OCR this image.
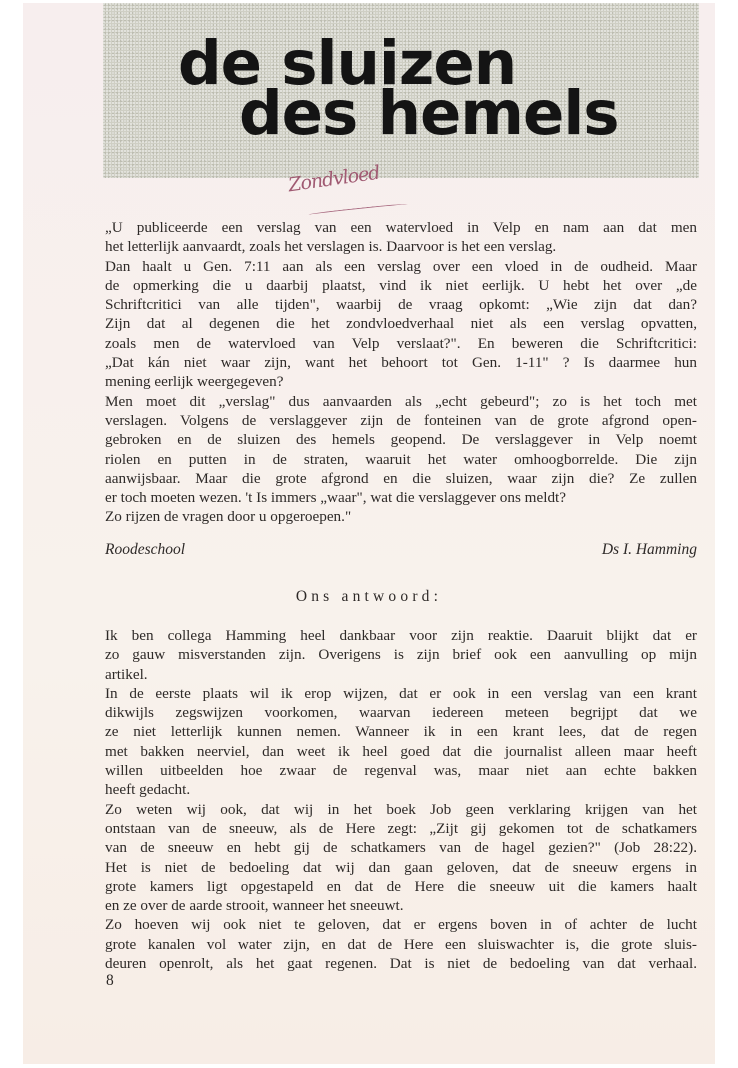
de sluizen
des hemels
Zondvloed
„U publiceerde een verslag van een watervloed in Velp en nam aan dat men
het letterlijk aanvaardt, zoals het verslagen is. Daarvoor is het een verslag.
Dan haalt u Gen. 7:11 aan als een verslag over een vloed in de oudheid. Maar
de opmerking die u daarbij plaatst, vind ik niet eerlijk. U hebt het over „de
Schriftcritici van alle tijden", waarbij de vraag opkomt: „Wie zijn dat dan?
Zijn dat al degenen die het zondvloedverhaal niet als een verslag opvatten,
zoals men de watervloed van Velp verslaat?". En beweren die Schriftcritici:
„Dat kán niet waar zijn, want het behoort tot Gen. 1-11" ? Is daarmee hun
mening eerlijk weergegeven?
Men moet dit „verslag" dus aanvaarden als „echt gebeurd"; zo is het toch met
verslagen. Volgens de verslaggever zijn de fonteinen van de grote afgrond open-
gebroken en de sluizen des hemels geopend. De verslaggever in Velp noemt
riolen en putten in de straten, waaruit het water omhoogborrelde. Die zijn
aanwijsbaar. Maar die grote afgrond en die sluizen, waar zijn die? Ze zullen
er toch moeten wezen. 't Is immers „waar", wat die verslaggever ons meldt?
Zo rijzen de vragen door u opgeroepen."
Roodeschool	Ds I. Hamming
Ons antwoord:
Ik ben collega Hamming heel dankbaar voor zijn reaktie. Daaruit blijkt dat er
zo gauw misverstanden zijn. Overigens is zijn brief ook een aanvulling op mijn
artikel.
In de eerste plaats wil ik erop wijzen, dat er ook in een verslag van een krant
dikwijls zegswijzen voorkomen, waarvan iedereen meteen begrijpt dat we
ze niet letterlijk kunnen nemen. Wanneer ik in een krant lees, dat de regen
met bakken neerviel, dan weet ik heel goed dat die journalist alleen maar heeft
willen uitbeelden hoe zwaar de regenval was, maar niet aan echte bakken
heeft gedacht.
Zo weten wij ook, dat wij in het boek Job geen verklaring krijgen van het
ontstaan van de sneeuw, als de Here zegt: „Zijt gij gekomen tot de schatkamers
van de sneeuw en hebt gij de schatkamers van de hagel gezien?" (Job 28:22).
Het is niet de bedoeling dat wij dan gaan geloven, dat de sneeuw ergens in
grote kamers ligt opgestapeld en dat de Here die sneeuw uit die kamers haalt
en ze over de aarde strooit, wanneer het sneeuwt.
Zo hoeven wij ook niet te geloven, dat er ergens boven in of achter de lucht
grote kanalen vol water zijn, en dat de Here een sluiswachter is, die grote sluis-
deuren openrolt, als het gaat regenen. Dat is niet de bedoeling van dat verhaal.
8
